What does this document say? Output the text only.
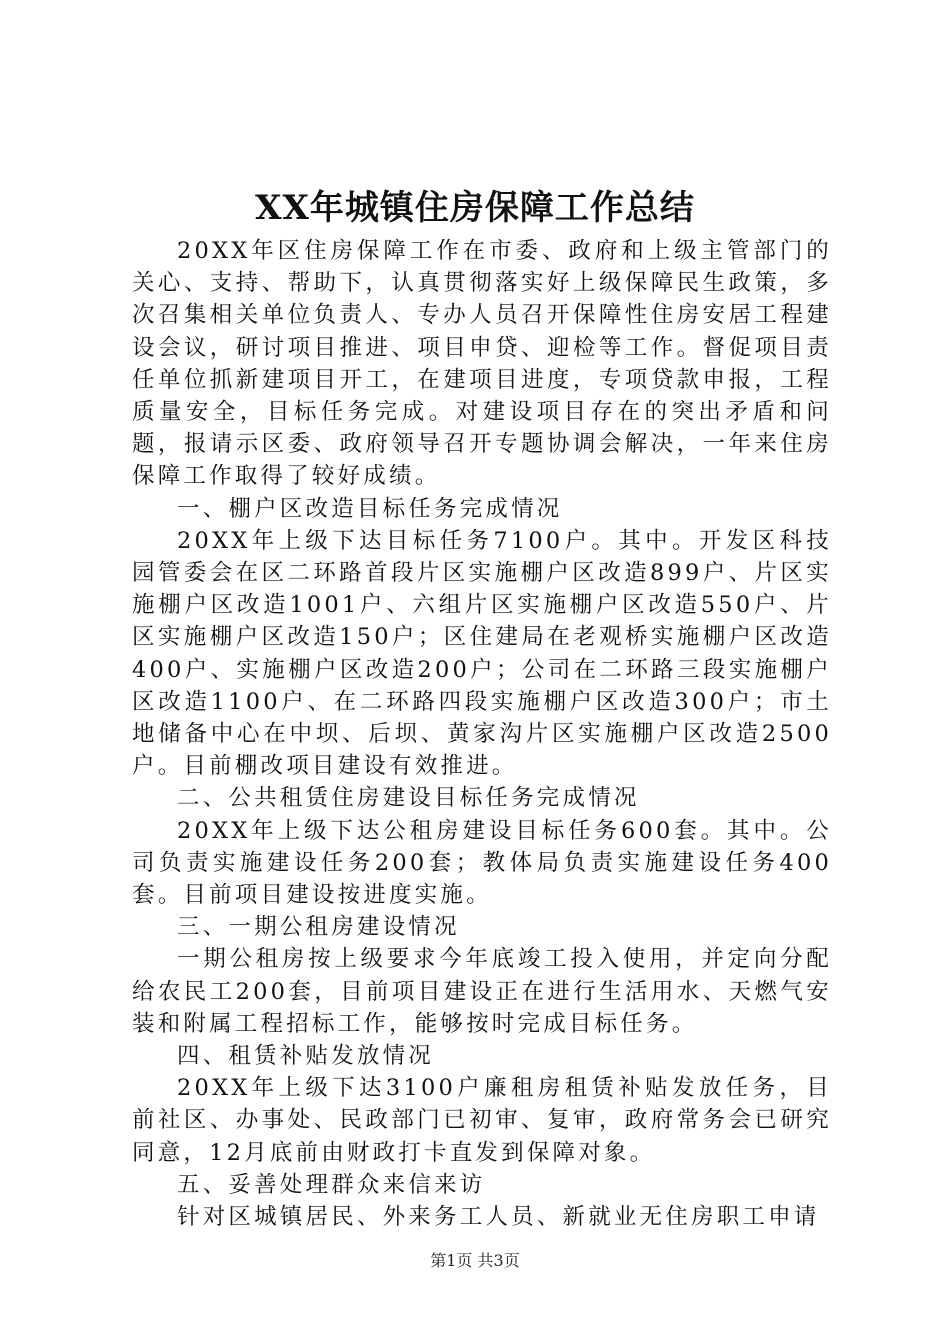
XX年城镇住房保障工作总结

20XX年区住房保障工作在市委、政府和上级主管部门的关心、支持、帮助下，认真贯彻落实好上级保障民生政策，多次召集相关单位负责人、专办人员召开保障性住房安居工程建设会议，研讨项目推进、项目申贷、迎检等工作。督促项目责任单位抓新建项目开工，在建项目进度，专项贷款申报，工程质量安全，目标任务完成。对建设项目存在的突出矛盾和问题，报请示区委、政府领导召开专题协调会解决，一年来住房保障工作取得了较好成绩。

一、棚户区改造目标任务完成情况

20XX年上级下达目标任务7100户。其中。开发区科技园管委会在区二环路首段片区实施棚户区改造899户、片区实施棚户区改造1001户、六组片区实施棚户区改造550户、片区实施棚户区改造150户；区住建局在老观桥实施棚户区改造400户、实施棚户区改造200户；公司在二环路三段实施棚户区改造1100户、在二环路四段实施棚户区改造300户；市土地储备中心在中坝、后坝、黄家沟片区实施棚户区改造2500户。目前棚改项目建设有效推进。

二、公共租赁住房建设目标任务完成情况

20XX年上级下达公租房建设目标任务600套。其中。公司负责实施建设任务200套；教体局负责实施建设任务400套。目前项目建设按进度实施。

三、一期公租房建设情况

一期公租房按上级要求今年底竣工投入使用，并定向分配给农民工200套，目前项目建设正在进行生活用水、天燃气安装和附属工程招标工作，能够按时完成目标任务。

四、租赁补贴发放情况

20XX年上级下达3100户廉租房租赁补贴发放任务，目前社区、办事处、民政部门已初审、复审，政府常务会已研究同意，12月底前由财政打卡直发到保障对象。

五、妥善处理群众来信来访

针对区城镇居民、外来务工人员、新就业无住房职工申请

第1页 共3页
